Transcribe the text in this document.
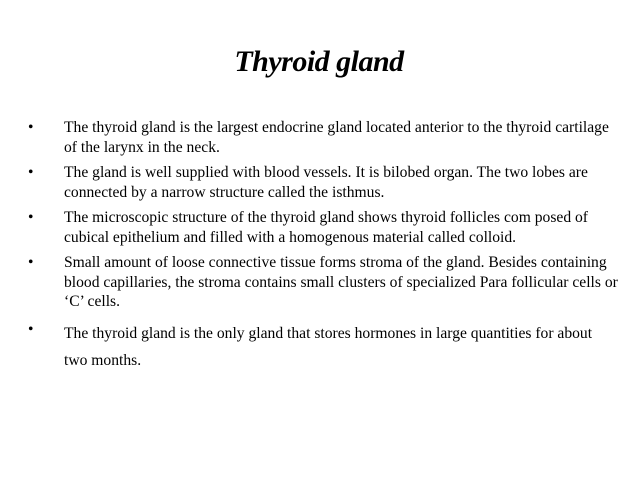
Thyroid gland
•	The thyroid gland is the largest endocrine gland located anterior to the thyroid cartilage of the larynx in the neck.
•	The gland is well supplied with blood vessels. It is bilobed organ. The two lobes are connected by a narrow structure called the isthmus.
•	The microscopic structure of the thyroid gland shows thyroid follicles com posed of cubical epithelium and filled with a homogenous material called colloid.
•	Small amount of loose connective tissue forms stroma of the gland. Besides containing blood capillaries, the stroma contains small clusters of specialized Para follicular cells or ‘C’ cells.
•	The thyroid gland is the only gland that stores hormones in large quantities for about two months.
